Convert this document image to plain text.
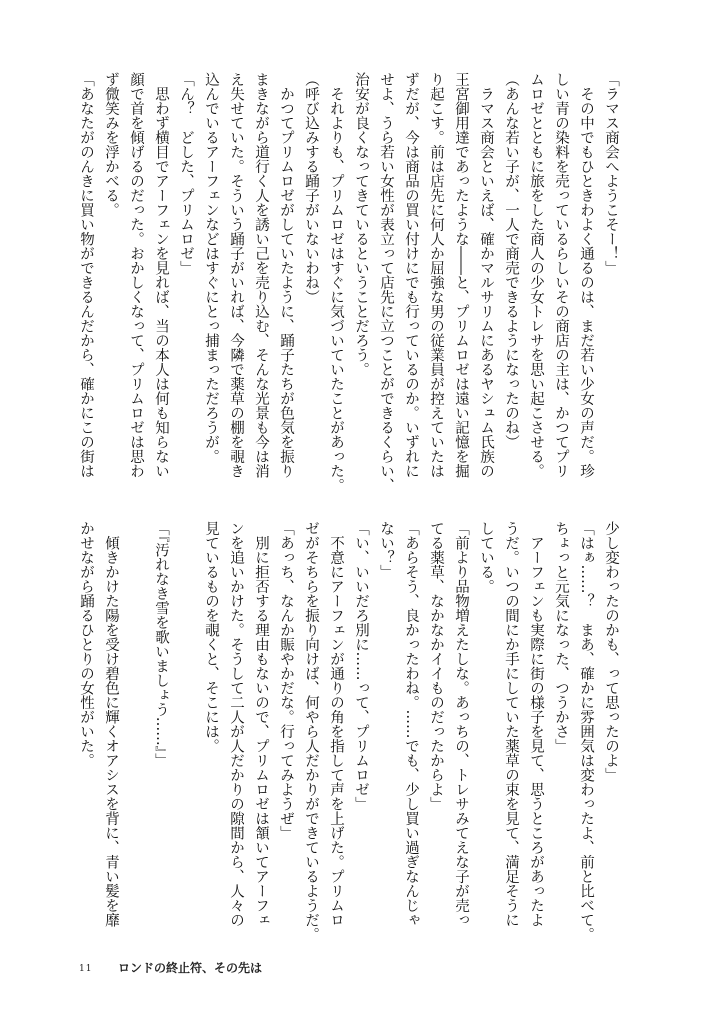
「ラマス商会へようこそー！」
　その中でもひときわよく通るのは、まだ若い少女の声だ。珍
しい青の染料を売っているらしいその商店の主は、かつてプリ
ムロゼとともに旅をした商人の少女トレサを思い起こさせる。
（あんな若い子が、一人で商売できるようになったのね）
　ラマス商会といえば、確かマルサリムにあるヤシュム氏族の
王宮御用達であったような――と、プリムロゼは遠い記憶を掘
り起こす。前は店先に何人か屈強な男の従業員が控えていたは
ずだが、今は商品の買い付けにでも行っているのか。いずれに
せよ、うら若い女性が表立って店先に立つことができるくらい、
治安が良くなってきているということだろう。
　それよりも、プリムロゼはすぐに気づいていたことがあった。
（呼び込みする踊子がいないわね）
　かつてプリムロゼがしていたように、踊子たちが色気を振り
まきながら道行く人を誘い己を売り込む、そんな光景も今は消
え失せていた。そういう踊子がいれば、今隣で薬草の棚を覗き
込んでいるアーフェンなどはすぐにとっ捕まっただろうが。
「ん？　どした、プリムロゼ」
　思わず横目でアーフェンを見れば、当の本人は何も知らない
顔で首を傾げるのだった。おかしくなって、プリムロゼは思わ
ず微笑みを浮かべる。
「あなたがのんきに買い物ができるんだから、確かにこの街は
少し変わったのかも、って思ったのよ」
「はぁ……？　まあ、確かに雰囲気は変わったよ、前と比べて。
ちょっと元気になった、つうかさ」
　アーフェンも実際に街の様子を見て、思うところがあったよ
うだ。いつの間にか手にしていた薬草の束を見て、満足そうに
している。
「前より品物増えたしな。あっちの、トレサみてえな子が売っ
てる薬草、なかなかイイものだったからよ」
「あらそう、良かったわね。……でも、少し買い過ぎなんじゃ
ない？」
「い、いいだろ別に……って、プリムロゼ」
　不意にアーフェンが通りの角を指して声を上げた。プリムロ
ゼがそちらを振り向けば、何やら人だかりができているようだ。
「あっち、なんか賑やかだな。行ってみようぜ」
　別に拒否する理由もないので、プリムロゼは頷いてアーフェ
ンを追いかけた。そうして二人が人だかりの隙間から、人々の
見ているものを覗くと、そこには。
「『汚れなき雪を歌いましょう……』」
　傾きかけた陽を受け碧色に輝くオアシスを背に、青い髪を靡
かせながら踊るひとりの女性がいた。
11 ロンドの終止符、その先は
